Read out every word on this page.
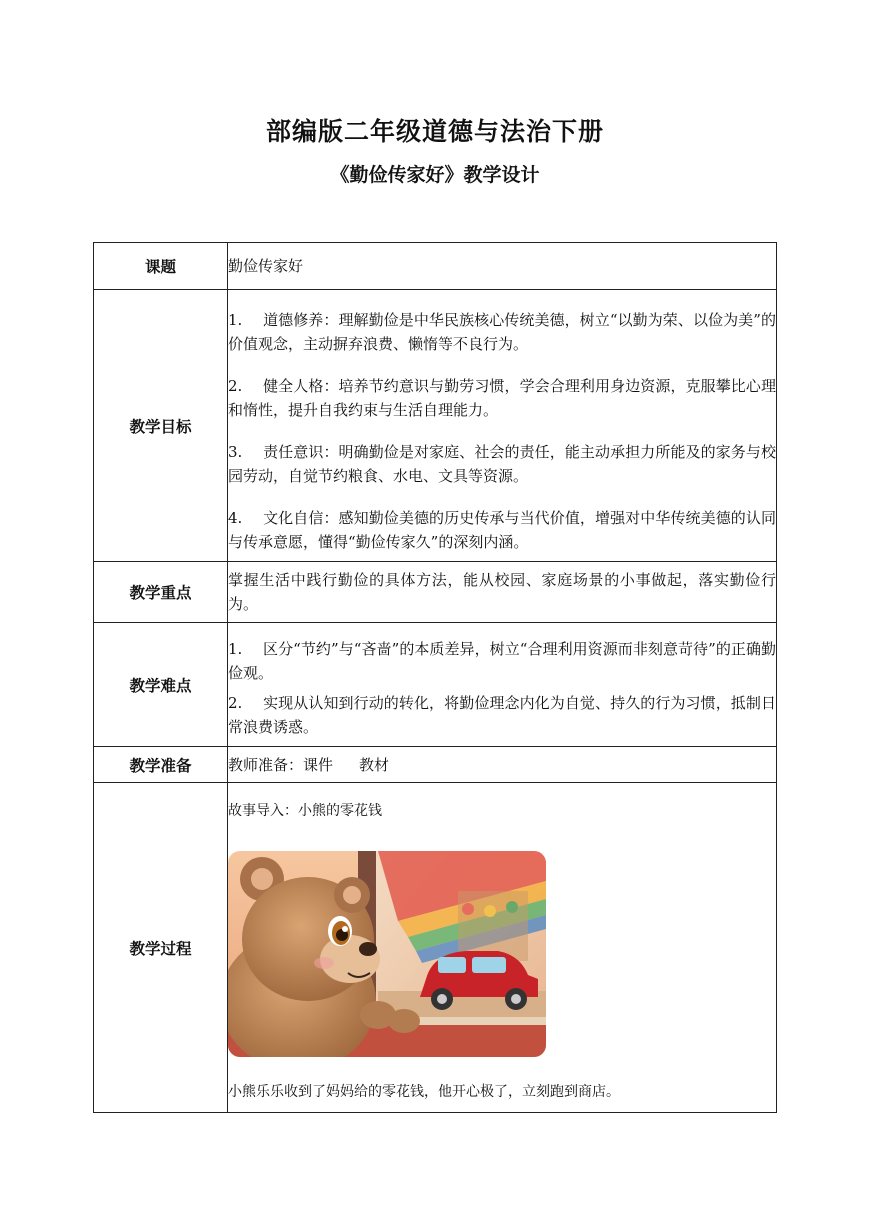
部编版二年级道德与法治下册
《勤俭传家好》教学设计
课题	勤俭传家好
教学目标	1. 道德修养：理解勤俭是中华民族核心传统美德，树立“以勤为荣、以俭为美”的价值观念，主动摒弃浪费、懒惰等不良行为。

2. 健全人格：培养节约意识与勤劳习惯，学会合理利用身边资源，克服攀比心理和惰性，提升自我约束与生活自理能力。

3. 责任意识：明确勤俭是对家庭、社会的责任，能主动承担力所能及的家务与校园劳动，自觉节约粮食、水电、文具等资源。

4. 文化自信：感知勤俭美德的历史传承与当代价值，增强对中华传统美德的认同与传承意愿，懂得“勤俭传家久”的深刻内涵。

教学重点	掌握生活中践行勤俭的具体方法，能从校园、家庭场景的小事做起，落实勤俭行为。

教学难点	1. 区分“节约”与“吝啬”的本质差异，树立“合理利用资源而非刻意苛待”的正确勤俭观。

2. 实现从认知到行动的转化，将勤俭理念内化为自觉、持久的行为习惯，抵制日常浪费诱惑。

教学准备	教师准备：课件 教材
教学过程	故事导入：小熊的零花钱
小熊乐乐收到了妈妈给的零花钱，他开心极了，立刻跑到商店。
